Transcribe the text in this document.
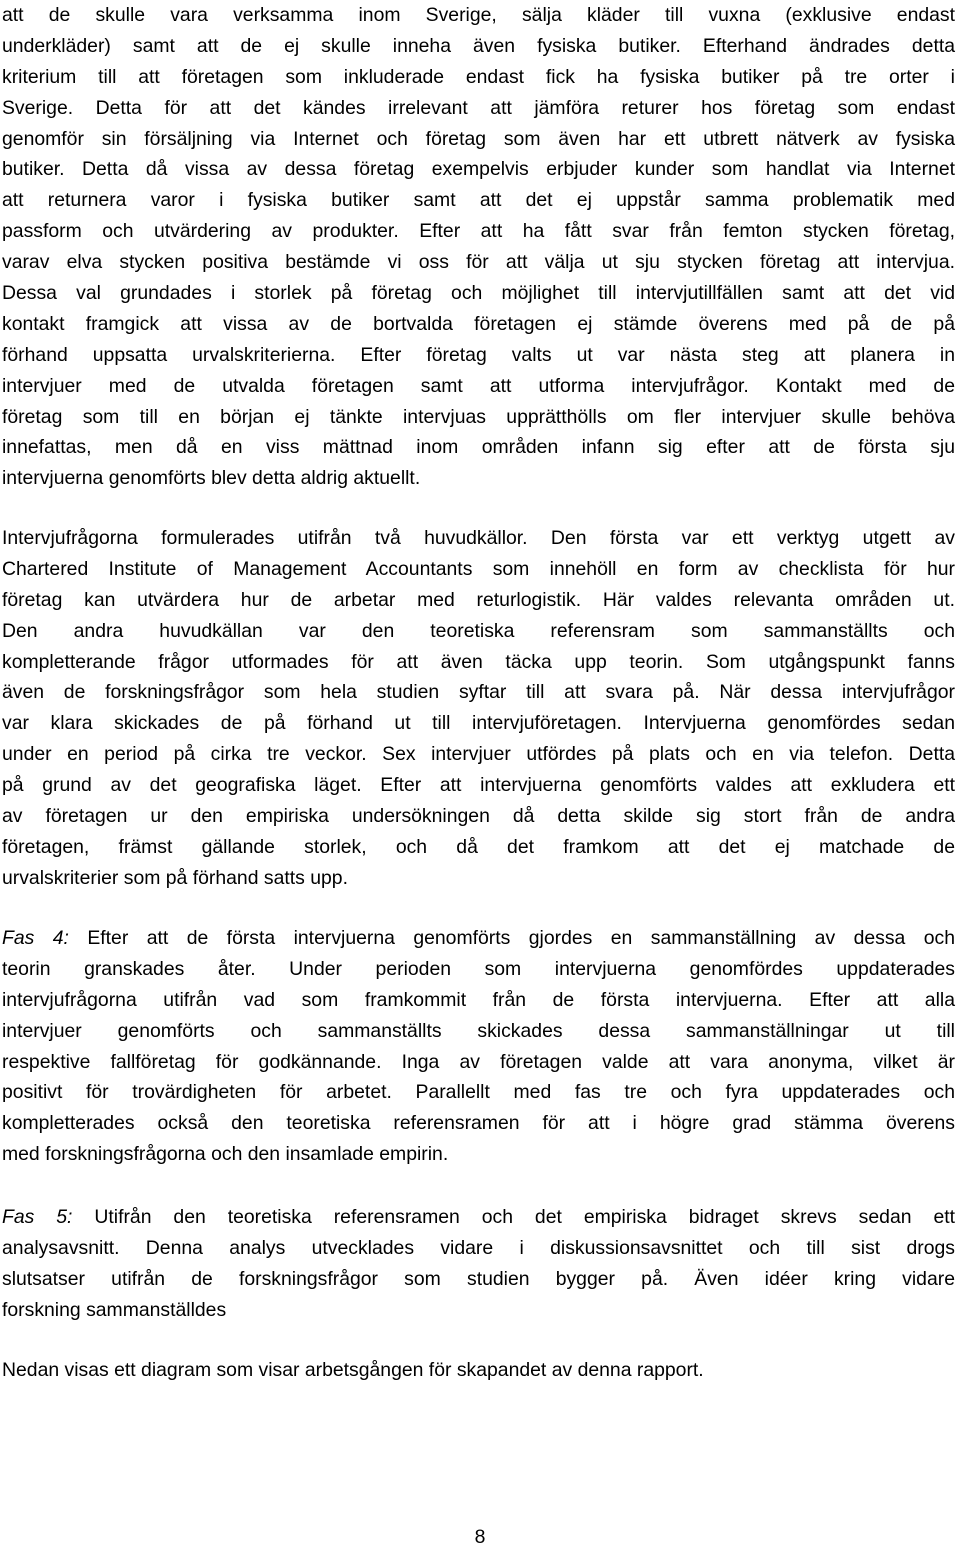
att de skulle vara verksamma inom Sverige, sälja kläder till vuxna (exklusive endast
underkläder) samt att de ej skulle inneha även fysiska butiker. Efterhand ändrades detta
kriterium till att företagen som inkluderade endast fick ha fysiska butiker på tre orter i
Sverige. Detta för att det kändes irrelevant att jämföra returer hos företag som endast
genomför sin försäljning via Internet och företag som även har ett utbrett nätverk av fysiska
butiker. Detta då vissa av dessa företag exempelvis erbjuder kunder som handlat via Internet
att returnera varor i fysiska butiker samt att det ej uppstår samma problematik med
passform och utvärdering av produkter. Efter att ha fått svar från femton stycken företag,
varav elva stycken positiva bestämde vi oss för att välja ut sju stycken företag att intervjua.
Dessa val grundades i storlek på företag och möjlighet till intervjutillfällen samt att det vid
kontakt framgick att vissa av de bortvalda företagen ej stämde överens med på de på
förhand uppsatta urvalskriterierna. Efter företag valts ut var nästa steg att planera in
intervjuer med de utvalda företagen samt att utforma intervjufrågor. Kontakt med de
företag som till en början ej tänkte intervjuas upprätthölls om fler intervjuer skulle behöva
innefattas, men då en viss mättnad inom områden infann sig efter att de första sju
intervjuerna genomförts blev detta aldrig aktuellt.
Intervjufrågorna formulerades utifrån två huvudkällor. Den första var ett verktyg utgett av
Chartered Institute of Management Accountants som innehöll en form av checklista för hur
företag kan utvärdera hur de arbetar med returlogistik. Här valdes relevanta områden ut.
Den andra huvudkällan var den teoretiska referensram som sammanställts och
kompletterande frågor utformades för att även täcka upp teorin. Som utgångspunkt fanns
även de forskningsfrågor som hela studien syftar till att svara på. När dessa intervjufrågor
var klara skickades de på förhand ut till intervjuföretagen. Intervjuerna genomfördes sedan
under en period på cirka tre veckor. Sex intervjuer utfördes på plats och en via telefon. Detta
på grund av det geografiska läget. Efter att intervjuerna genomförts valdes att exkludera ett
av företagen ur den empiriska undersökningen då detta skilde sig stort från de andra
företagen, främst gällande storlek, och då det framkom att det ej matchade de
urvalskriterier som på förhand satts upp.
Fas 4: Efter att de första intervjuerna genomförts gjordes en sammanställning av dessa och
teorin granskades åter. Under perioden som intervjuerna genomfördes uppdaterades
intervjufrågorna utifrån vad som framkommit från de första intervjuerna. Efter att alla
intervjuer genomförts och sammanställts skickades dessa sammanställningar ut till
respektive fallföretag för godkännande. Inga av företagen valde att vara anonyma, vilket är
positivt för trovärdigheten för arbetet. Parallellt med fas tre och fyra uppdaterades och
kompletterades också den teoretiska referensramen för att i högre grad stämma överens
med forskningsfrågorna och den insamlade empirin.
Fas 5: Utifrån den teoretiska referensramen och det empiriska bidraget skrevs sedan ett
analysavsnitt. Denna analys utvecklades vidare i diskussionsavsnittet och till sist drogs
slutsatser utifrån de forskningsfrågor som studien bygger på. Även idéer kring vidare
forskning sammanställdes
Nedan visas ett diagram som visar arbetsgången för skapandet av denna rapport.
8
